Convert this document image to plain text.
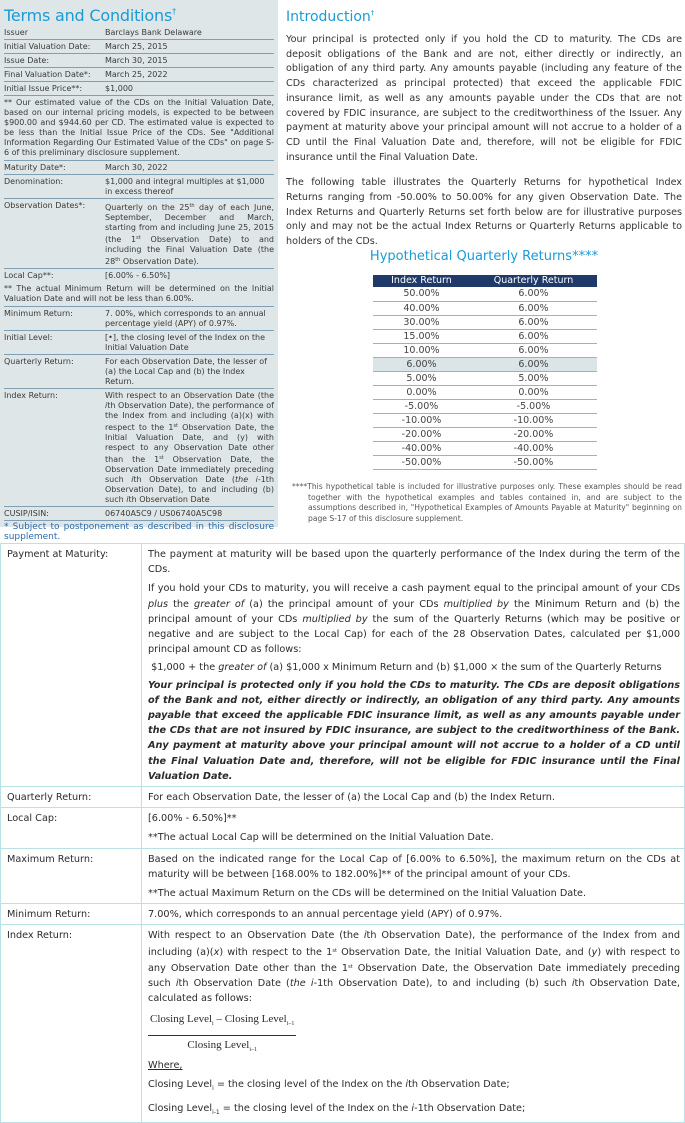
Terms and Conditions†
Issuer	Barclays Bank Delaware
Initial Valuation Date:	March 25, 2015
Issue Date:	March 30, 2015
Final Valuation Date*:	March 25, 2022
Initial Issue Price**:	$1,000
** Our estimated value of the CDs on the Initial Valuation Date, based on our internal pricing models, is expected to be between $900.00 and $944.60 per CD. The estimated value is expected to be less than the Initial Issue Price of the CDs. See "Additional Information Regarding Our Estimated Value of the CDs" on page S-6 of this preliminary disclosure supplement.
Maturity Date*:	March 30, 2022
Denomination:	$1,000 and integral multiples at $1,000
in excess thereof
Observation Dates*:	Quarterly on the 25th day of each June, September, December and March, starting from and including June 25, 2015 (the 1st Observation Date) to and including the Final Valuation Date (the 28th Observation Date).
Local Cap**:	[6.00% - 6.50%]
** The actual Minimum Return will be determined on the Initial Valuation Date and will not be less than 6.00%.
Minimum Return:	7. 00%, which corresponds to an annual percentage yield (APY) of 0.97%.
Initial Level:	[•], the closing level of the Index on the Initial Valuation Date
Quarterly Return:	For each Observation Date, the lesser of (a) the Local Cap and (b) the Index Return.
Index Return:	With respect to an Observation Date (the ith Observation Date), the performance of the Index from and including (a)(x) with respect to the 1st Observation Date, the Initial Valuation Date, and (y) with respect to any Observation Date other than the 1st Observation Date, the Observation Date immediately preceding such ith Observation Date (the i-1th Observation Date), to and including (b) such ith Observation Date
CUSIP/ISIN:	06740A5C9 / US06740A5C98
* Subject to postponement as described in this disclosure supplement.
Introduction†

Your principal is protected only if you hold the CD to maturity. The CDs are deposit obligations of the Bank and are not, either directly or indirectly, an obligation of any third party. Any amounts payable (including any feature of the CDs characterized as principal protected) that exceed the applicable FDIC insurance limit, as well as any amounts payable under the CDs that are not covered by FDIC insurance, are subject to the creditworthiness of the Issuer. Any payment at maturity above your principal amount will not accrue to a holder of a CD until the Final Valuation Date and, therefore, will not be eligible for FDIC insurance until the Final Valuation Date.

The following table illustrates the Quarterly Returns for hypothetical Index Returns ranging from -50.00% to 50.00% for any given Observation Date. The Index Returns and Quarterly Returns set forth below are for illustrative purposes only and may not be the actual Index Returns or Quarterly Returns applicable to holders of the CDs.

Hypothetical Quarterly Returns****
Index Return	Quarterly Return
50.00%	6.00%
40.00%	6.00%
30.00%	6.00%
15.00%	6.00%
10.00%	6.00%
6.00%	6.00%
5.00%	5.00%
0.00%	0.00%
-5.00%	-5.00%
-10.00%	-10.00%
-20.00%	-20.00%
-40.00%	-40.00%
-50.00%	-50.00%
****This hypothetical table is included for illustrative purposes only. These examples should be read together with the hypothetical examples and tables contained in, and are subject to the assumptions described in, "Hypothetical Examples of Amounts Payable at Maturity" beginning on page S-17 of this disclosure supplement.
Payment at Maturity:	The payment at maturity will be based upon the quarterly performance of the Index during the term of the CDs.
If you hold your CDs to maturity, you will receive a cash payment equal to the principal amount of your CDs plus the greater of (a) the principal amount of your CDs multiplied by the Minimum Return and (b) the principal amount of your CDs multiplied by the sum of the Quarterly Returns (which may be positive or negative and are subject to the Local Cap) for each of the 28 Observation Dates, calculated per $1,000 principal amount CD as follows:
$1,000 + the greater of (a) $1,000 x Minimum Return and (b) $1,000 × the sum of the Quarterly Returns
Your principal is protected only if you hold the CDs to maturity. The CDs are deposit obligations of the Bank and not, either directly or indirectly, an obligation of any third party. Any amounts payable that exceed the applicable FDIC insurance limit, as well as any amounts payable under the CDs that are not insured by FDIC insurance, are subject to the creditworthiness of the Bank. Any payment at maturity above your principal amount will not accrue to a holder of a CD until the Final Valuation Date and, therefore, will not be eligible for FDIC insurance until the Final Valuation Date.

Quarterly Return:	For each Observation Date, the lesser of (a) the Local Cap and (b) the Index Return.
Local Cap:	[6.00% - 6.50%]**
**The actual Local Cap will be determined on the Initial Valuation Date.

Maximum Return:	Based on the indicated range for the Local Cap of [6.00% to 6.50%], the maximum return on the CDs at maturity will be between [168.00% to 182.00%]** of the principal amount of your CDs.
**The actual Maximum Return on the CDs will be determined on the Initial Valuation Date.

Minimum Return:	7.00%, which corresponds to an annual percentage yield (APY) of 0.97%.
Index Return:	With respect to an Observation Date (the ith Observation Date), the performance of the Index from and including (a)(x) with respect to the 1st Observation Date, the Initial Valuation Date, and (y) with respect to any Observation Date other than the 1st Observation Date, the Observation Date immediately preceding such ith Observation Date (the i-1th Observation Date), to and including (b) such ith Observation Date, calculated as follows:
$\frac{Closing Level_i - Closing Level_{i-1}}{Closing Level_{i-1}}$
Where,
Closing Level$_i$ = the closing level of the Index on the ith Observation Date;
Closing Level$_{i-1}$ = the closing level of the Index on the i-1th Observation Date;
